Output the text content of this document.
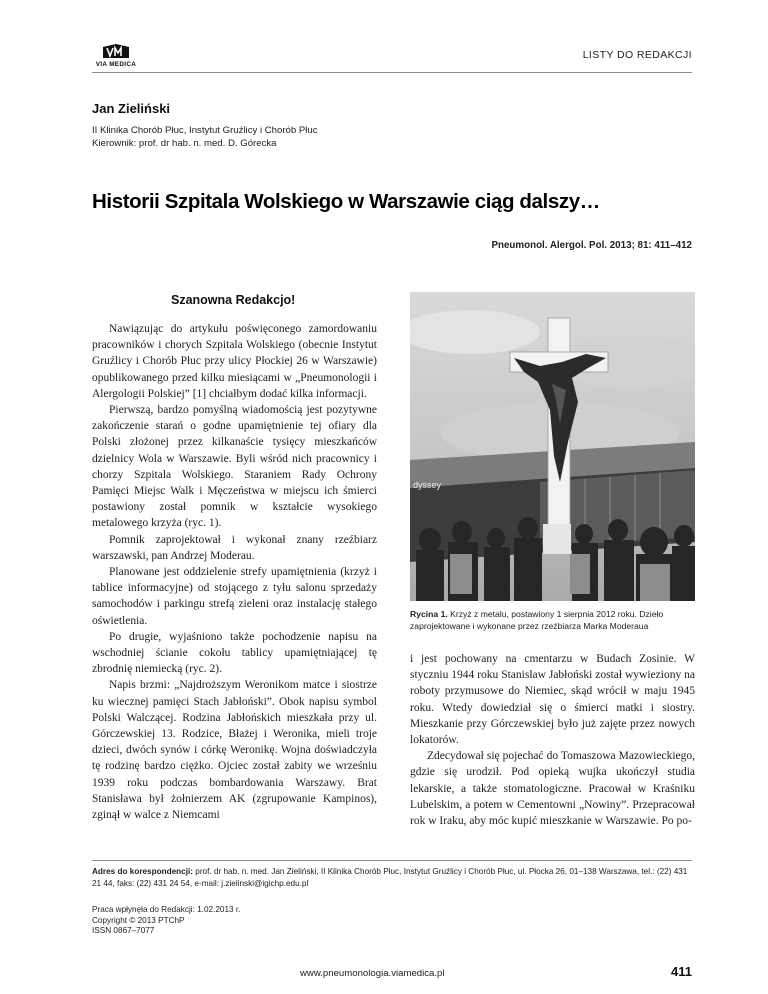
VIA MEDICA
LISTY DO REDAKCJI
Jan Zieliński
II Klinika Chorób Płuc, Instytut Gruźlicy i Chorób Płuc
Kierownik: prof. dr hab. n. med. D. Górecka
Historii Szpitala Wolskiego w Warszawie ciąg dalszy…
Pneumonol. Alergol. Pol. 2013; 81: 411–412
Szanowna Redakcjo!

Nawiązując do artykułu poświęconego zamordowaniu pracowników i chorych Szpitala Wolskiego (obecnie Instytut Gruźlicy i Chorób Płuc przy ulicy Płockiej 26 w Warszawie) opublikowanego przed kilku miesiącami w „Pneumonologii i Alergologii Polskiej” [1] chciałbym dodać kilka informacji.

Pierwszą, bardzo pomyślną wiadomością jest pozytywne zakończenie starań o godne upamiętnienie tej ofiary dla Polski złożonej przez kilkanaście tysięcy mieszkańców dzielnicy Wola w Warszawie. Byli wśród nich pracownicy i chorzy Szpitala Wolskiego. Staraniem Rady Ochrony Pamięci Miejsc Walk i Męczeństwa w miejscu ich śmierci postawiony został pomnik w kształcie wysokiego metalowego krzyża (ryc. 1).

Pomnik zaprojektował i wykonał znany rzeźbiarz warszawski, pan Andrzej Moderau.

Planowane jest oddzielenie strefy upamiętnienia (krzyż i tablice informacyjne) od stojącego z tyłu salonu sprzedaży samochodów i parkingu strefą zieleni oraz instalację stałego oświetlenia.

Po drugie, wyjaśniono także pochodzenie napisu na wschodniej ścianie cokołu tablicy upamiętniającej tę zbrodnię niemiecką (ryc. 2).

Napis brzmi: „Najdroższym Weronikom matce i siostrze ku wiecznej pamięci Stach Jabłoński”. Obok napisu symbol Polski Walczącej. Rodzina Jabłońskich mieszkała przy ul. Górczewskiej 13. Rodzice, Błażej i Weronika, mieli troje dzieci, dwóch synów i córkę Weronikę. Wojna doświadczyła tę rodzinę bardzo ciężko. Ojciec został zabity we wrześniu 1939 roku podczas bombardowania Warszawy. Brat Stanisława był żołnierzem AK (zgrupowanie Kampinos), zginął w walce z Niemcami

dyssey
Rycina 1. Krzyż z metalu, postawiony 1 sierpnia 2012 roku. Dzieło zaprojektowane i wykonane przez rzeźbiarza Marka Moderaua

i jest pochowany na cmentarzu w Budach Zosinie. W styczniu 1944 roku Stanisław Jabłoński został wywieziony na roboty przymusowe do Niemiec, skąd wrócił w maju 1945 roku. Wtedy dowiedział się o śmierci matki i siostry. Mieszkanie przy Górczewskiej było już zajęte przez nowych lokatorów.

Zdecydował się pojechać do Tomaszowa Mazowieckiego, gdzie się urodził. Pod opieką wujka ukończył studia lekarskie, a także stomatologiczne. Pracował w Kraśniku Lubelskim, a potem w Cementowni „Nowiny”. Przepracował rok w Iraku, aby móc kupić mieszkanie w Warszawie. Po po-

Adres do korespondencji: prof. dr hab. n. med. Jan Zieliński, II Klinika Chorób Płuc, Instytut Gruźlicy i Chorób Płuc, ul. Płocka 26, 01–138 Warszawa, tel.: (22) 431 21 44, faks: (22) 431 24 54, e-mail: j.zielinski@igichp.edu.pl
Praca wpłynęła do Redakcji: 1.02.2013 r.
Copyright © 2013 PTChP
ISSN 0867–7077
www.pneumonologia.viamedica.pl	411
